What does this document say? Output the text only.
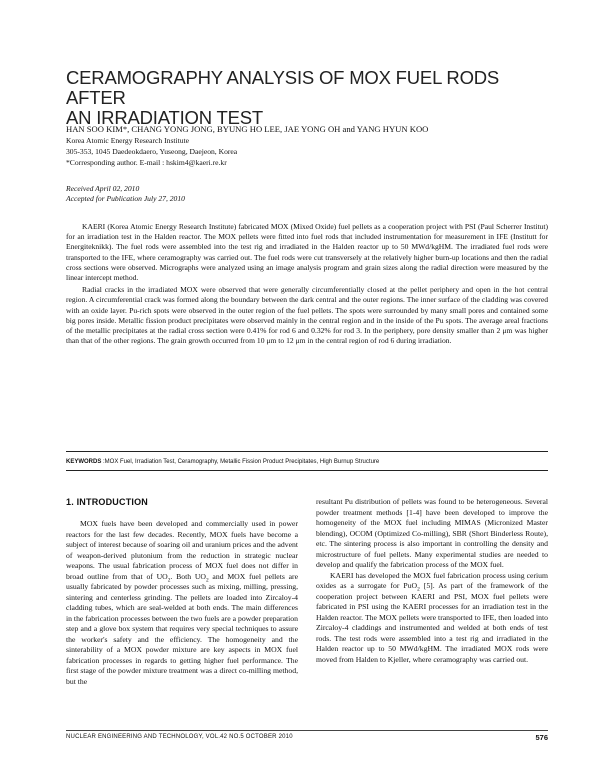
CERAMOGRAPHY ANALYSIS OF MOX FUEL RODS AFTER
AN IRRADIATION TEST
HAN SOO KIM*, CHANG YONG JONG, BYUNG HO LEE, JAE YONG OH and YANG HYUN KOO
Korea Atomic Energy Research Institute
305-353, 1045 Daedeokdaero, Yuseong, Daejeon, Korea
*Corresponding author. E-mail : hskim4@kaeri.re.kr
Received April 02, 2010
Accepted for Publication July 27, 2010

KAERI (Korea Atomic Energy Research Institute) fabricated MOX (Mixed Oxide) fuel pellets as a cooperation project with PSI (Paul Scherrer Institut) for an irradiation test in the Halden reactor. The MOX pellets were fitted into fuel rods that included instrumentation for measurement in IFE (Institutt for Energiteknikk). The fuel rods were assembled into the test rig and irradiated in the Halden reactor up to 50 MWd/kgHM. The irradiated fuel rods were transported to the IFE, where ceramography was carried out. The fuel rods were cut transversely at the relatively higher burn-up locations and then the radial cross sections were observed. Micrographs were analyzed using an image analysis program and grain sizes along the radial direction were measured by the linear intercept method.

Radial cracks in the irradiated MOX were observed that were generally circumferentially closed at the pellet periphery and open in the hot central region. A circumferential crack was formed along the boundary between the dark central and the outer regions. The inner surface of the cladding was covered with an oxide layer. Pu-rich spots were observed in the outer region of the fuel pellets. The spots were surrounded by many small pores and contained some big pores inside. Metallic fission product precipitates were observed mainly in the central region and in the inside of the Pu spots. The average areal fractions of the metallic precipitates at the radial cross section were 0.41% for rod 6 and 0.32% for rod 3. In the periphery, pore density smaller than 2 μm was higher than that of the other regions. The grain growth occurred from 10 μm to 12 μm in the central region of rod 6 during irradiation.

KEYWORDS :MOX Fuel, Irradiation Test, Ceramography, Metallic Fission Product Precipitates, High Burnup Structure
1. INTRODUCTION

MOX fuels have been developed and commercially used in power reactors for the last few decades. Recently, MOX fuels have become a subject of interest because of soaring oil and uranium prices and the advent of weapon-derived plutonium from the reduction in strategic nuclear weapons. The usual fabrication process of MOX fuel does not differ in broad outline from that of $UO_2$. Both $UO_2$ and MOX fuel pellets are usually fabricated by powder processes such as mixing, milling, pressing, sintering and centerless grinding. The pellets are loaded into Zircaloy-4 cladding tubes, which are seal-welded at both ends. The main differences in the fabrication processes between the two fuels are a powder preparation step and a glove box system that requires very special techniques to assure the worker's safety and the efficiency. The homogeneity and the sinterability of a MOX powder mixture are key aspects in MOX fuel fabrication processes in regards to getting higher fuel performance. The first stage of the powder mixture treatment was a direct co-milling method, but the

resultant Pu distribution of pellets was found to be heterogeneous. Several powder treatment methods [1-4] have been developed to improve the homogeneity of the MOX fuel including MIMAS (Micronized Master blending), OCOM (Optimized Co-milling), SBR (Short Binderless Route), etc. The sintering process is also important in controlling the density and microstructure of fuel pellets. Many experimental studies are needed to develop and qualify the fabrication process of the MOX fuel.

KAERI has developed the MOX fuel fabrication process using cerium oxides as a surrogate for PuO$_2$ [5]. As part of the framework of the cooperation project between KAERI and PSI, MOX fuel pellets were fabricated in PSI using the KAERI processes for an irradiation test in the Halden reactor. The MOX pellets were transported to IFE, then loaded into Zircaloy-4 claddings and instrumented and welded at both ends of test rods. The test rods were assembled into a test rig and irradiated in the Halden reactor up to 50 MWd/kgHM. The irradiated MOX rods were moved from Halden to Kjeller, where ceramography was carried out.

NUCLEAR ENGINEERING AND TECHNOLOGY, VOL.42 NO.5 OCTOBER 2010	576
